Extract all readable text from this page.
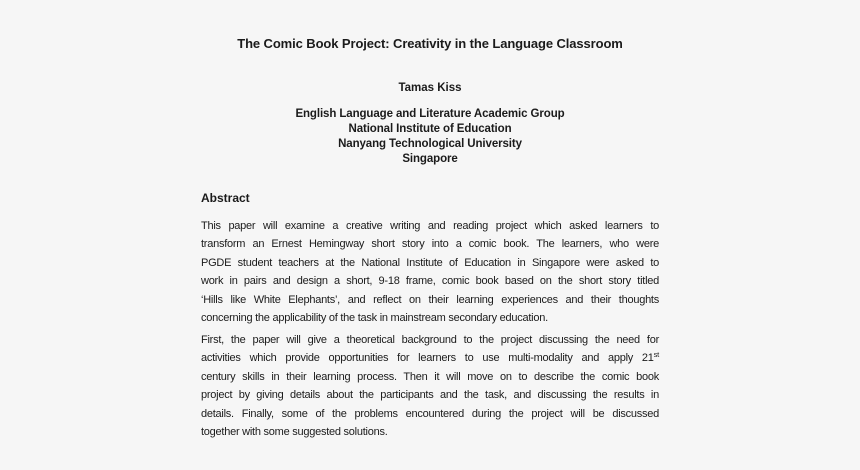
The Comic Book Project: Creativity in the Language Classroom
Tamas Kiss
English Language and Literature Academic Group
National Institute of Education
Nanyang Technological University
Singapore
Abstract
This paper will examine a creative writing and reading project which asked learners to
transform an Ernest Hemingway short story into a comic book. The learners, who were
PGDE student teachers at the National Institute of Education in Singapore were asked to
work in pairs and design a short, 9-18 frame, comic book based on the short story titled
‘Hills like White Elephants’, and reflect on their learning experiences and their thoughts
concerning the applicability of the task in mainstream secondary education.
First, the paper will give a theoretical background to the project discussing the need for
activities which provide opportunities for learners to use multi-modality and apply 21st
century skills in their learning process. Then it will move on to describe the comic book
project by giving details about the participants and the task, and discussing the results in
details. Finally, some of the problems encountered during the project will be discussed
together with some suggested solutions.
